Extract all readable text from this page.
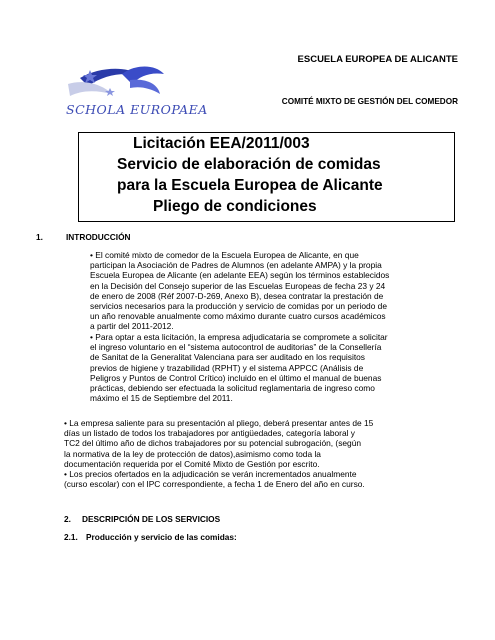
ESCUELA EUROPEA DE ALICANTE
SCHOLA EUROPAEA
COMITÉ MIXTO DE GESTIÓN DEL COMEDOR
Licitación EEA/2011/003
Servicio de elaboración de comidas
para la Escuela Europea de Alicante
Pliego de condiciones
1.	INTRODUCCIÓN
• El comité mixto de comedor de la Escuela Europea de Alicante, en que
participan la Asociación de Padres de Alumnos (en adelante AMPA) y la propia
Escuela Europea de Alicante (en adelante EEA) según los términos establecidos
en la Decisión del Consejo superior de las Escuelas Europeas de fecha 23 y 24
de enero de 2008 (Réf 2007-D-269, Anexo B), desea contratar la prestación de
servicios necesarios para la producción y servicio de comidas por un periodo de
un año renovable anualmente como máximo durante cuatro cursos académicos
a partir del 2011-2012.
• Para optar a esta licitación, la empresa adjudicataria se compromete a solicitar
el ingreso voluntario en el “sistema autocontrol de auditorias” de la Consellería
de Sanitat de la Generalitat Valenciana para ser auditado en los requisitos
previos de higiene y trazabilidad (RPHT) y el sistema APPCC (Análisis de
Peligros y Puntos de Control Crítico) incluido en el último el manual de buenas
prácticas, debiendo ser efectuada la solicitud reglamentaria de ingreso como
máximo el 15 de Septiembre del 2011.
• La empresa saliente para su presentación al pliego, deberá presentar antes de 15
días un listado de todos los trabajadores por antigüedades, categoría laboral y
TC2 del último año de dichos trabajadores por su potencial subrogación, (según
la normativa de la ley de protección de datos),asimismo como toda la
documentación requerida por el Comité Mixto de Gestión por escrito.
• Los precios ofertados en la adjudicación se verán incrementados anualmente
(curso escolar) con el IPC correspondiente, a fecha 1 de Enero del año en curso.
2. DESCRIPCIÓN DE LOS SERVICIOS
2.1. Producción y servicio de las comidas:
